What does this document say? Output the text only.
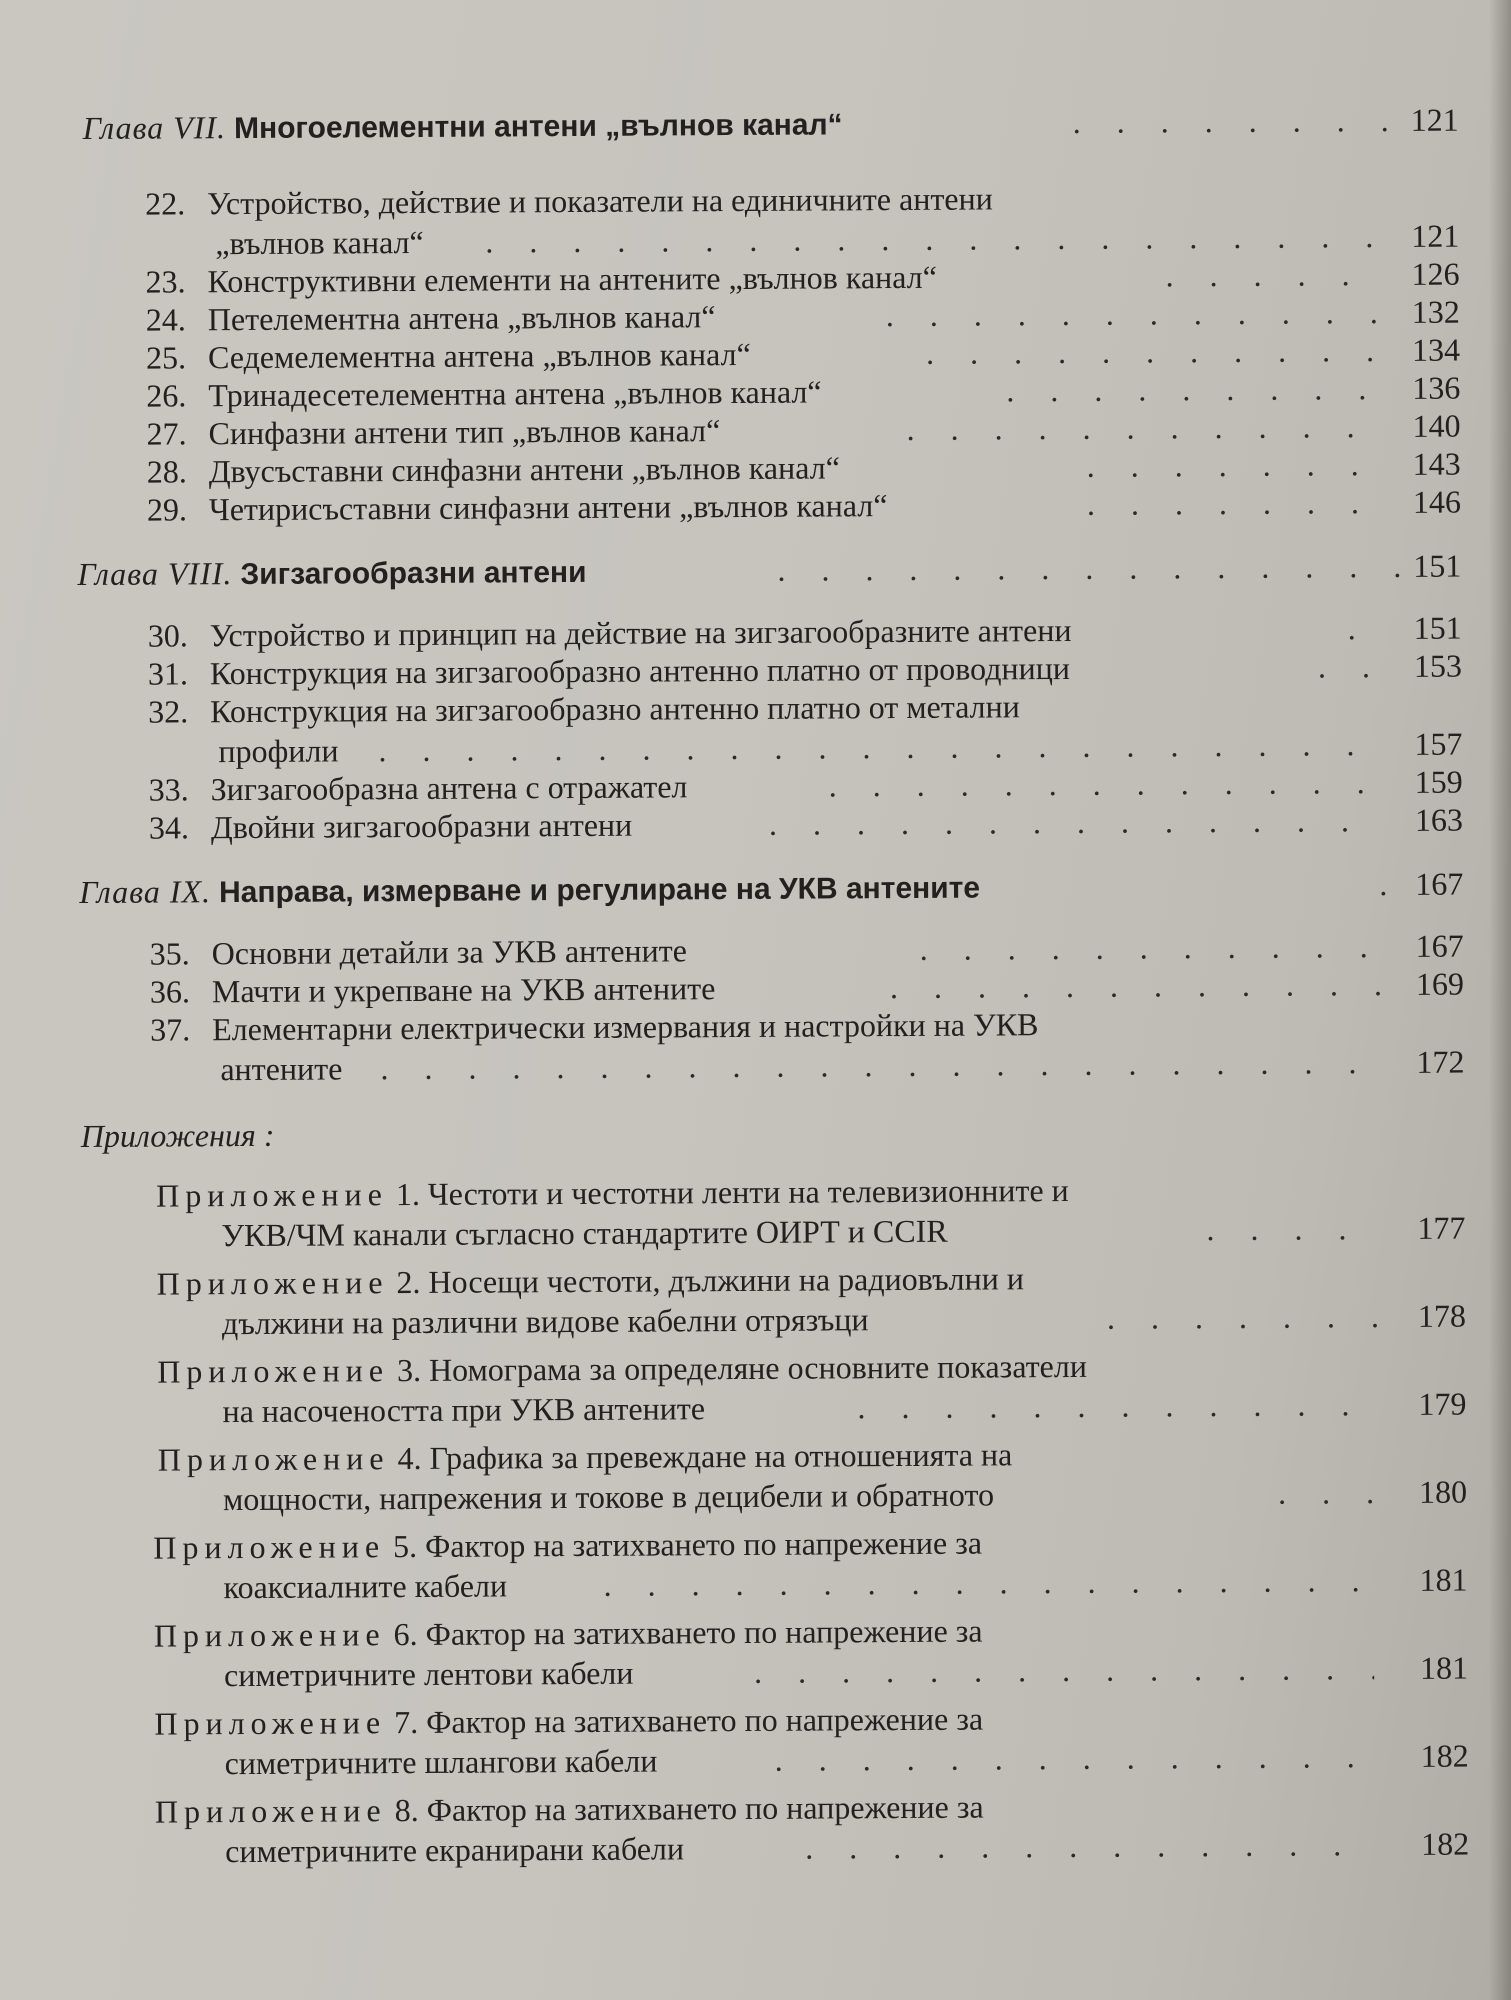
Глава VII. Многоелементни антени „вълнов канал“ . . .	121
22. Устройство, действие и показатели на единичните антени
„вълнов канал“ . . .	121
23. Конструктивни елементи на антените „вълнов канал“ . . .	126
24. Петелементна антена „вълнов канал“ . . .	132
25. Седемелементна антена „вълнов канал“ . . .	134
26. Тринадесетелементна антена „вълнов канал“ . . .	136
27. Синфазни антени тип „вълнов канал“ . . .	140
28. Двусъставни синфазни антени „вълнов канал“ . . .	143
29. Четирисъставни синфазни антени „вълнов канал“ . . .	146
Глава VIII. Зигзагообразни антени . . .	151
30. Устройство и принцип на действие на зигзагообразните антени . . .	151
31. Конструкция на зигзагообразно антенно платно от проводници . . .	153
32. Конструкция на зигзагообразно антенно платно от метални
профили . . .	157
33. Зигзагообразна антена с отражател . . .	159
34. Двойни зигзагообразни антени . . .	163
Глава IX. Направа, измерване и регулиране на УКВ антените . . .	167
35. Основни детайли за УКВ антените . . .	167
36. Мачти и укрепване на УКВ антените . . .	169
37. Елементарни електрически измервания и настройки на УКВ
антените . . .	172
Приложения :
Приложение 1. Честоти и честотни ленти на телевизионните и
УКВ/ЧМ канали съгласно стандартите ОИРТ и CCIR . . .	177
Приложение 2. Носещи честоти, дължини на радиовълни и
дължини на различни видове кабелни отрязъци . . .	178
Приложение 3. Номограма за определяне основните показатели
на насочеността при УКВ антените . . .	179
Приложение 4. Графика за превеждане на отношенията на
мощности, напрежения и токове в децибели и обратното . . .	180
Приложение 5. Фактор на затихването по напрежение за
коаксиалните кабели . . .	181
Приложение 6. Фактор на затихването по напрежение за
симетричните лентови кабели . . .	181
Приложение 7. Фактор на затихването по напрежение за
симетричните шлангови кабели . . .	182
Приложение 8. Фактор на затихването по напрежение за
симетричните екранирани кабели . . .	182
